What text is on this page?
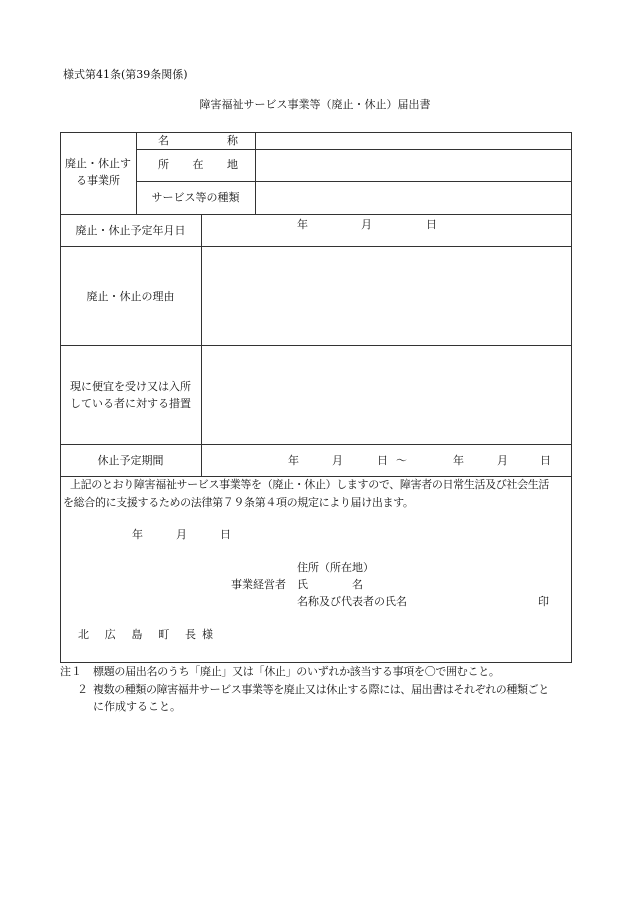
様式第41条(第39条関係)
障害福祉サービス事業等（廃止・休止）届出書
廃止・休止す
る事業所
名	称
所 在 地
サービス等の種類
廃止・休止予定年月日	年	月	日
廃止・休止の理由
現に便宜を受け又は入所
している者に対する措置
休止予定期間	年	月	日 ～	年	月	日
上記のとおり障害福祉サービス事業等を（廃止・休止）しますので、障害者の日常生活及び社会生活
を総合的に支援するための法律第７９条第４項の規定により届け出ます。
年	月	日
住所（所在地）
事業経営者 氏	名
名称及び代表者の氏名	印
北 広 島 町 長 様
注１ 標題の届出名のうち「廃止」又は「休止」のいずれか該当する事項を〇で囲むこと。
２ 複数の種類の障害福井サービス事業等を廃止又は休止する際には、届出書はそれぞれの種類ごと
に作成すること。
